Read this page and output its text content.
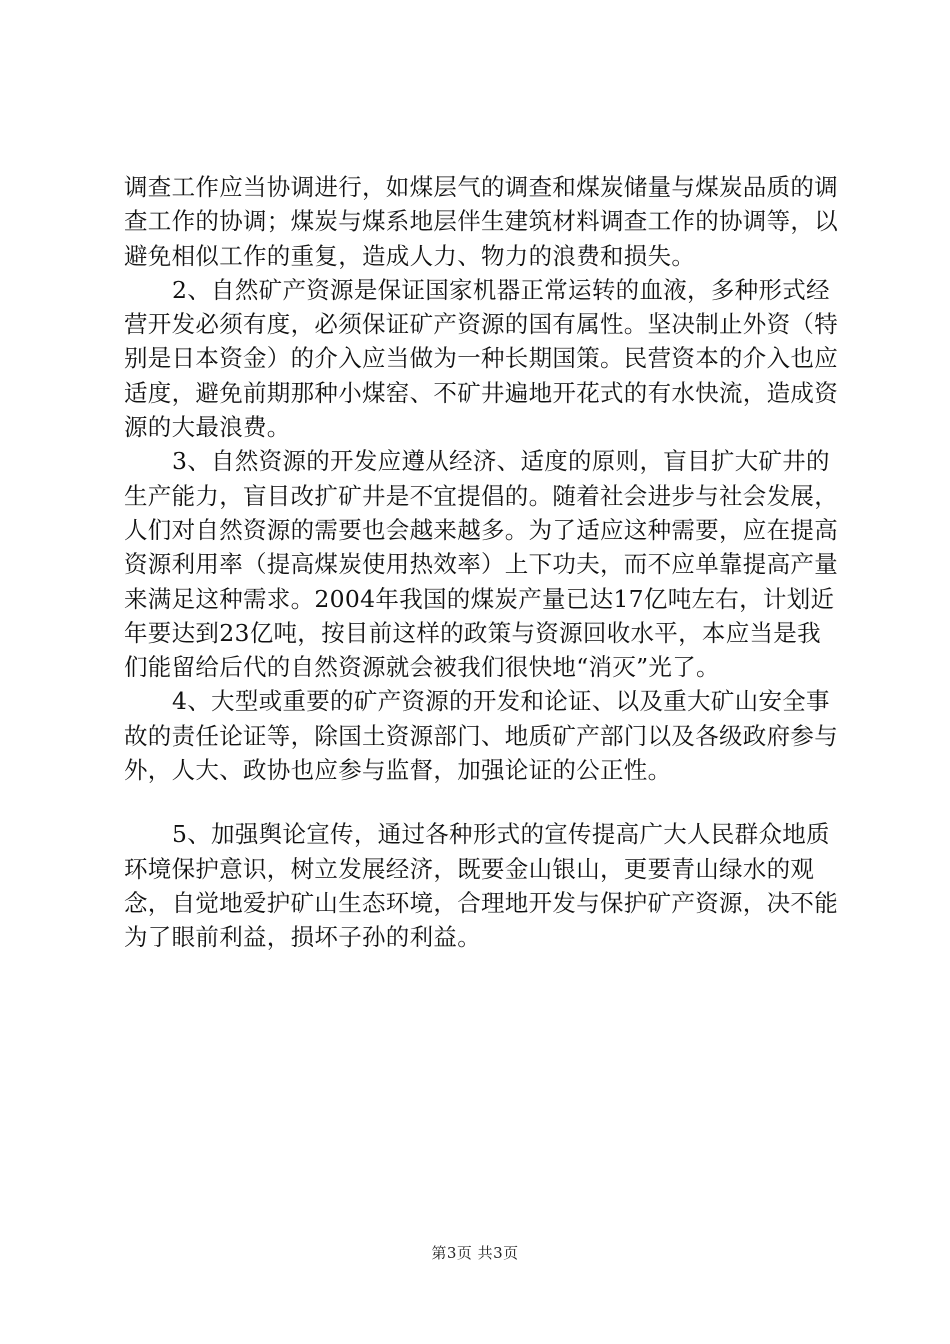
调查工作应当协调进行，如煤层气的调查和煤炭储量与煤炭品质的调查工作的协调；煤炭与煤系地层伴生建筑材料调查工作的协调等，以避免相似工作的重复，造成人力、物力的浪费和损失。

2、自然矿产资源是保证国家机器正常运转的血液，多种形式经营开发必须有度，必须保证矿产资源的国有属性。坚决制止外资（特别是日本资金）的介入应当做为一种长期国策。民营资本的介入也应适度，避免前期那种小煤窑、不矿井遍地开花式的有水快流，造成资源的大最浪费。

3、自然资源的开发应遵从经济、适度的原则，盲目扩大矿井的生产能力，盲目改扩矿井是不宜提倡的。随着社会进步与社会发展，人们对自然资源的需要也会越来越多。为了适应这种需要，应在提高资源利用率（提高煤炭使用热效率）上下功夫，而不应单靠提高产量来满足这种需求。2004年我国的煤炭产量已达17亿吨左右，计划近年要达到23亿吨，按目前这样的政策与资源回收水平，本应当是我们能留给后代的自然资源就会被我们很快地“消灭”光了。

4、大型或重要的矿产资源的开发和论证、以及重大矿山安全事故的责任论证等，除国土资源部门、地质矿产部门以及各级政府参与外，人大、政协也应参与监督，加强论证的公正性。

5、加强舆论宣传，通过各种形式的宣传提高广大人民群众地质环境保护意识，树立发展经济，既要金山银山，更要青山绿水的观念，自觉地爱护矿山生态环境，合理地开发与保护矿产资源，决不能为了眼前利益，损坏子孙的利益。

第3页 共3页
